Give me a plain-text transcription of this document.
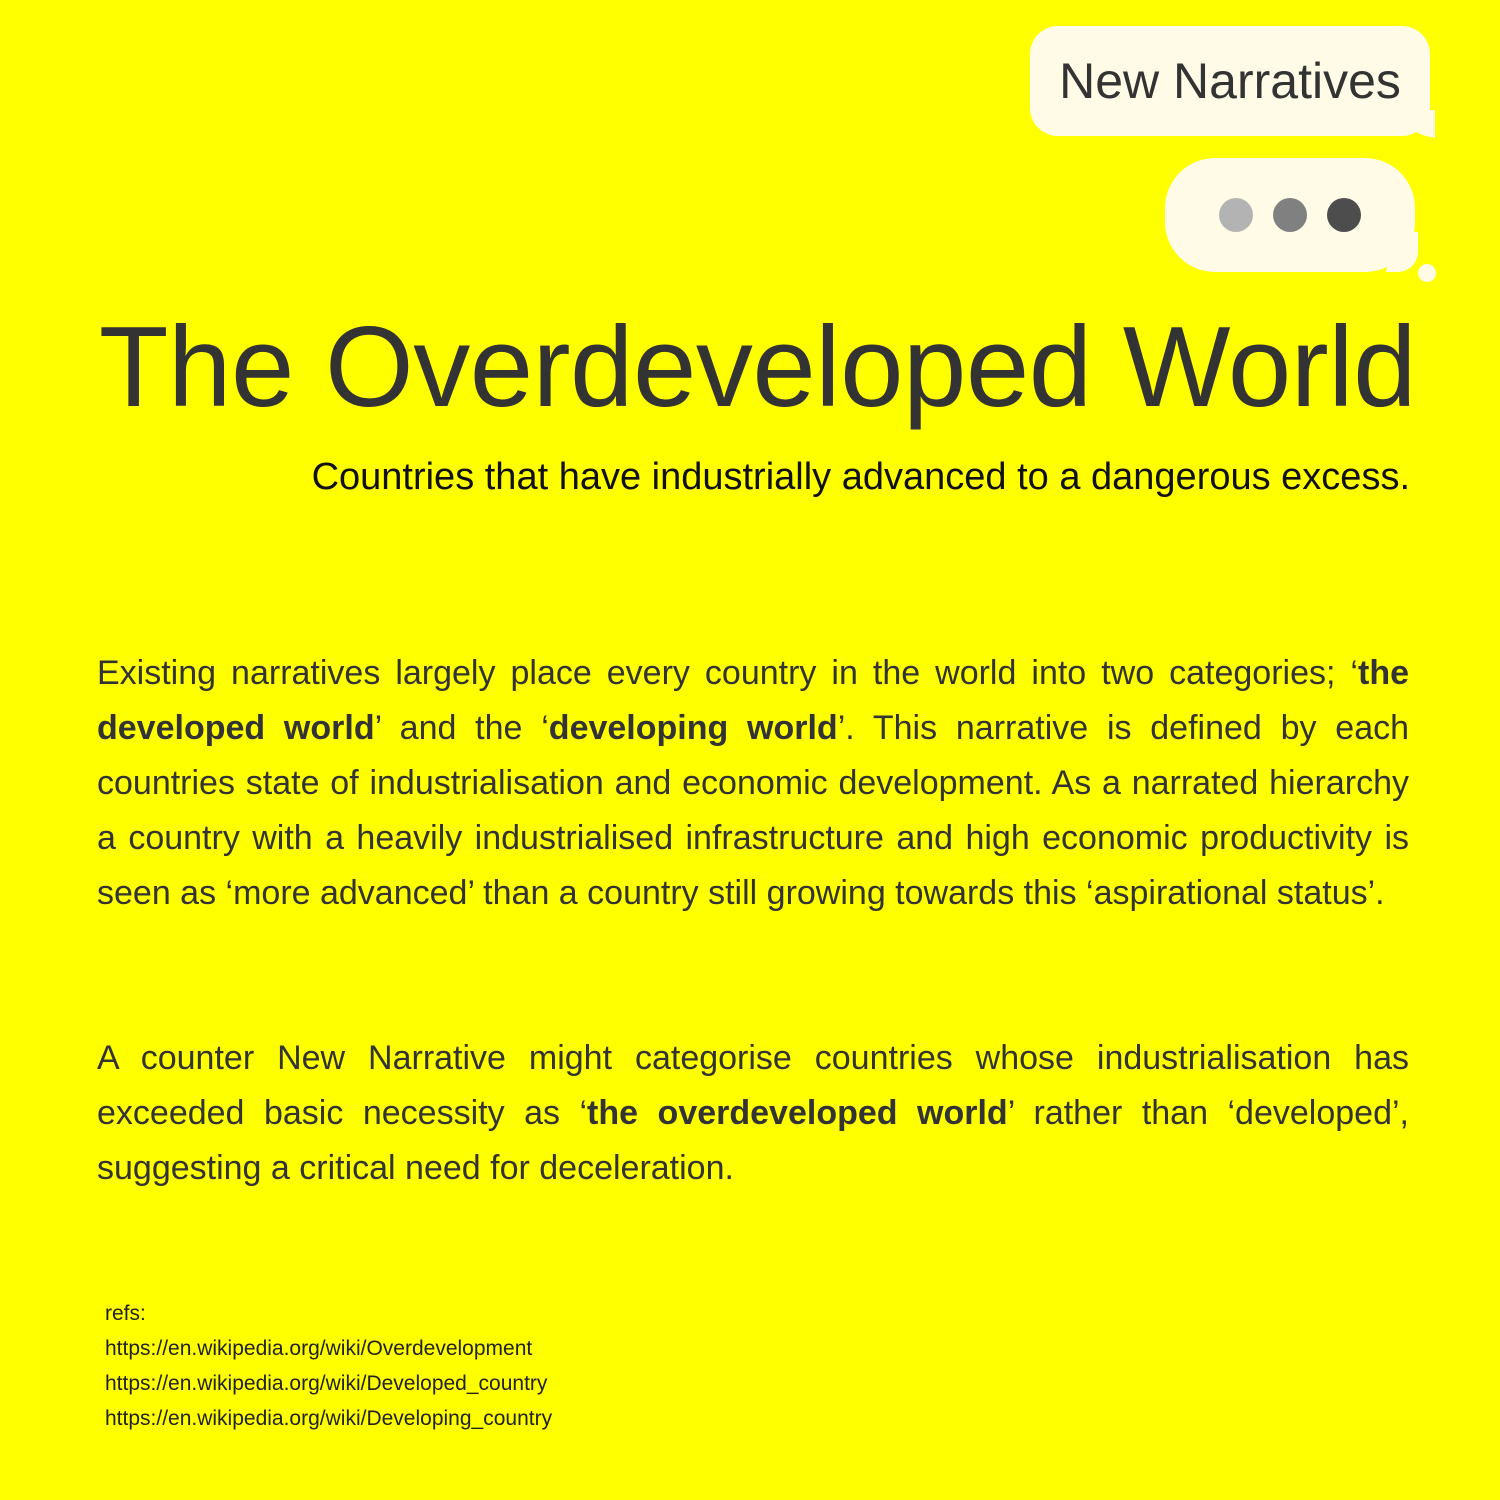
New Narratives
The Overdeveloped World

Countries that have industrially advanced to a dangerous excess.

Existing narratives largely place every country in the world into two categories; ‘the developed world’ and the ‘developing world’. This narrative is defined by each countries state of industrialisation and economic development. As a narrated hierarchy a country with a heavily industrialised infrastructure and high economic productivity is seen as ‘more advanced’ than a country still growing towards this ‘aspirational status’.

A counter New Narrative might categorise countries whose industrialisation has exceeded basic necessity as ‘the overdeveloped world’ rather than ‘developed’, suggesting a critical need for deceleration.

refs:
https://en.wikipedia.org/wiki/Overdevelopment
https://en.wikipedia.org/wiki/Developed_country
https://en.wikipedia.org/wiki/Developing_country
